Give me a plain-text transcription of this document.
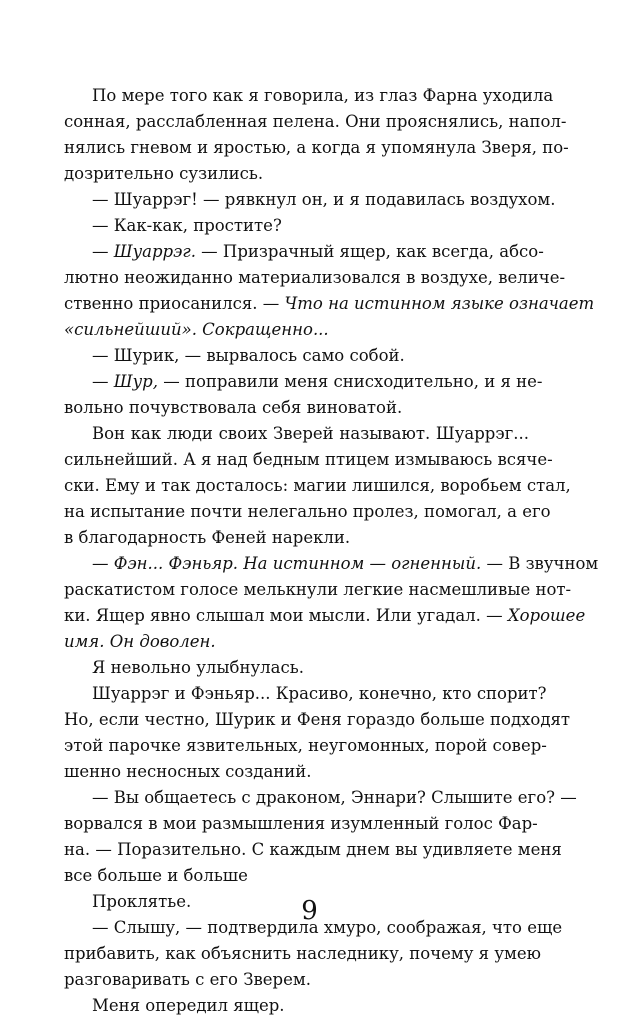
По мере того как я говорила, из глаз Фарна уходила
сонная, расслабленная пелена. Они прояснялись, напол-
нялись гневом и яростью, а когда я упомянула Зверя, по-
дозрительно сузились.
— Шуаррэг! — рявкнул он, и я подавилась воздухом.
— Как-как, простите?
— Шуаррэг. — Призрачный ящер, как всегда, абсо-
лютно неожиданно материализовался в воздухе, величе-
ственно приосанился. — Что на истинном языке означает
«сильнейший». Сокращенно...
— Шурик, — вырвалось само собой.
— Шур, — поправили меня снисходительно, и я не-
вольно почувствовала себя виноватой.
Вон как люди своих Зверей называют. Шуаррэг...
сильнейший. А я над бедным птицем измываюсь всяче-
ски. Ему и так досталось: магии лишился, воробьем стал,
на испытание почти нелегально пролез, помогал, а его
в благодарность Феней нарекли.
— Фэн... Фэньяр. На истинном — огненный. — В звучном
раскатистом голосе мелькнули легкие насмешливые нот-
ки. Ящер явно слышал мои мысли. Или угадал. — Хорошее
имя. Он доволен.
Я невольно улыбнулась.
Шуаррэг и Фэньяр... Красиво, конечно, кто спорит?
Но, если честно, Шурик и Феня гораздо больше подходят
этой парочке язвительных, неугомонных, порой совер-
шенно несносных созданий.
— Вы общаетесь с драконом, Эннари? Слышите его? —
ворвался в мои размышления изумленный голос Фар-
на. — Поразительно. С каждым днем вы удивляете меня
все больше и больше
Проклятье.
— Слышу, — подтвердила хмуро, соображая, что еще
прибавить, как объяснить наследнику, почему я умею
разговаривать с его Зверем.
Меня опередил ящер.
9
